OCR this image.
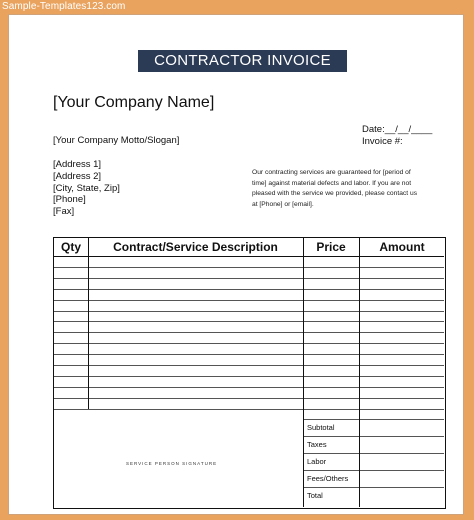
Sample-Templates123.com
CONTRACTOR INVOICE
[Your Company Name]
[Your Company Motto/Slogan]
Date:__/__/____
Invoice #:
[Address 1]
[Address 2]
[City, State, Zip]
[Phone]
[Fax]
Our contracting services are guaranteed for [period of
time] against material defects and labor. If you are not
pleased with the service we provided, please contact us
at [Phone] or [email].
Qty	Contract/Service Description	Price	Amount
SERVICE PERSON SIGNATURE
Subtotal
Taxes
Labor
Fees/Others
Total
